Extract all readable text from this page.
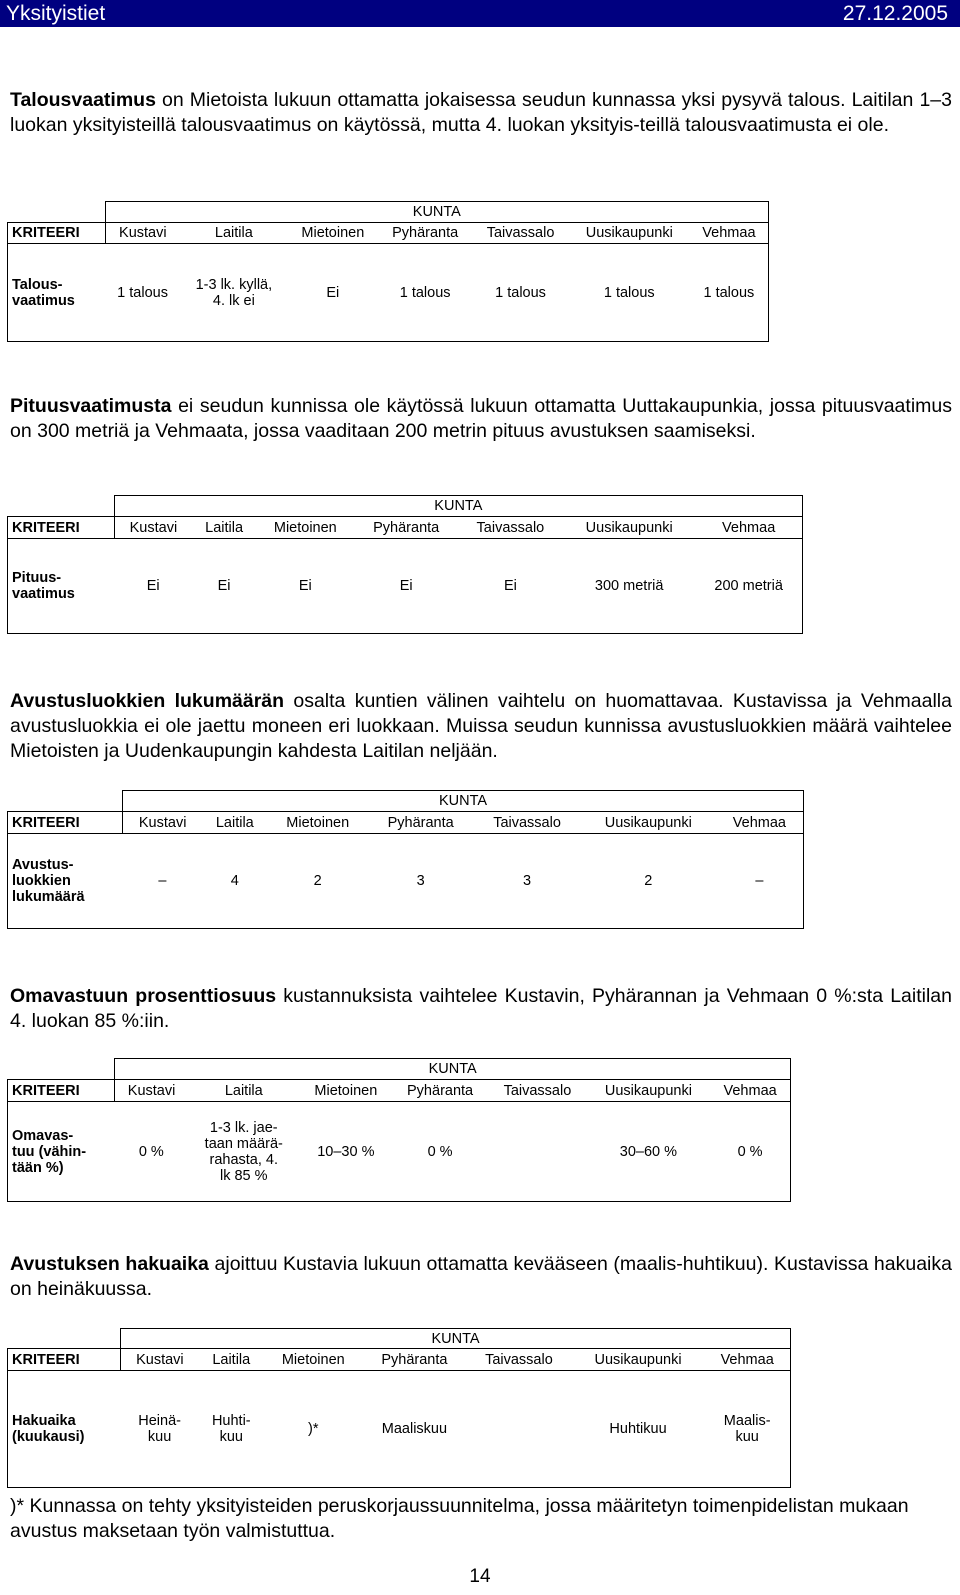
Yksityistiet	27.12.2005
Talousvaatimus on Mietoista lukuun ottamatta jokaisessa seudun kunnassa yksi pysyvä talous. Laitilan 1–3 luokan yksityisteillä talousvaatimus on käytössä, mutta 4. luokan yksityis-teillä talousvaatimusta ei ole.
	KUNTA						
KRITEERI	Kustavi	Laitila	Mietoinen	Pyhäranta	Taivassalo	Uusikaupunki	Vehmaa
Talous-
vaatimus	1 talous	1-3 lk. kyllä,
4. lk ei	Ei	1 talous	1 talous	1 talous	1 talous
Pituusvaatimusta ei seudun kunnissa ole käytössä lukuun ottamatta Uuttakaupunkia, jossa pituusvaatimus on 300 metriä ja Vehmaata, jossa vaaditaan 200 metrin pituus avustuksen saamiseksi.
	KUNTA						
KRITEERI	Kustavi	Laitila	Mietoinen	Pyhäranta	Taivassalo	Uusikaupunki	Vehmaa
Pituus-
vaatimus	Ei	Ei	Ei	Ei	Ei	300 metriä	200 metriä
Avustusluokkien lukumäärän osalta kuntien välinen vaihtelu on huomattavaa. Kustavissa ja Vehmaalla avustusluokkia ei ole jaettu moneen eri luokkaan. Muissa seudun kunnissa avustusluokkien määrä vaihtelee Mietoisten ja Uudenkaupungin kahdesta Laitilan neljään.
	KUNTA						
KRITEERI	Kustavi	Laitila	Mietoinen	Pyhäranta	Taivassalo	Uusikaupunki	Vehmaa
Avustus-
luokkien
lukumäärä	–	4	2	3	3	2	–
Omavastuun prosenttiosuus kustannuksista vaihtelee Kustavin, Pyhärannan ja Vehmaan 0 %:sta Laitilan 4. luokan 85 %:iin.
	KUNTA						
KRITEERI	Kustavi	Laitila	Mietoinen	Pyhäranta	Taivassalo	Uusikaupunki	Vehmaa
Omavas-
tuu (vähin-
tään %)	0 %	1-3 lk. jae-
taan määrä-
rahasta, 4.
lk 85 %	10–30 %	0 %		30–60 %	0 %
Avustuksen hakuaika ajoittuu Kustavia lukuun ottamatta kevääseen (maalis-huhtikuu). Kustavissa hakuaika on heinäkuussa.
	KUNTA						
KRITEERI	Kustavi	Laitila	Mietoinen	Pyhäranta	Taivassalo	Uusikaupunki	Vehmaa
Hakuaika
(kuukausi)	Heinä-
kuu	Huhti-
kuu	)*	Maaliskuu		Huhtikuu	Maalis-
kuu
)* Kunnassa on tehty yksityisteiden peruskorjaussuunnitelma, jossa määritetyn toimenpidelistan mukaan avustus maksetaan työn valmistuttua.
14
